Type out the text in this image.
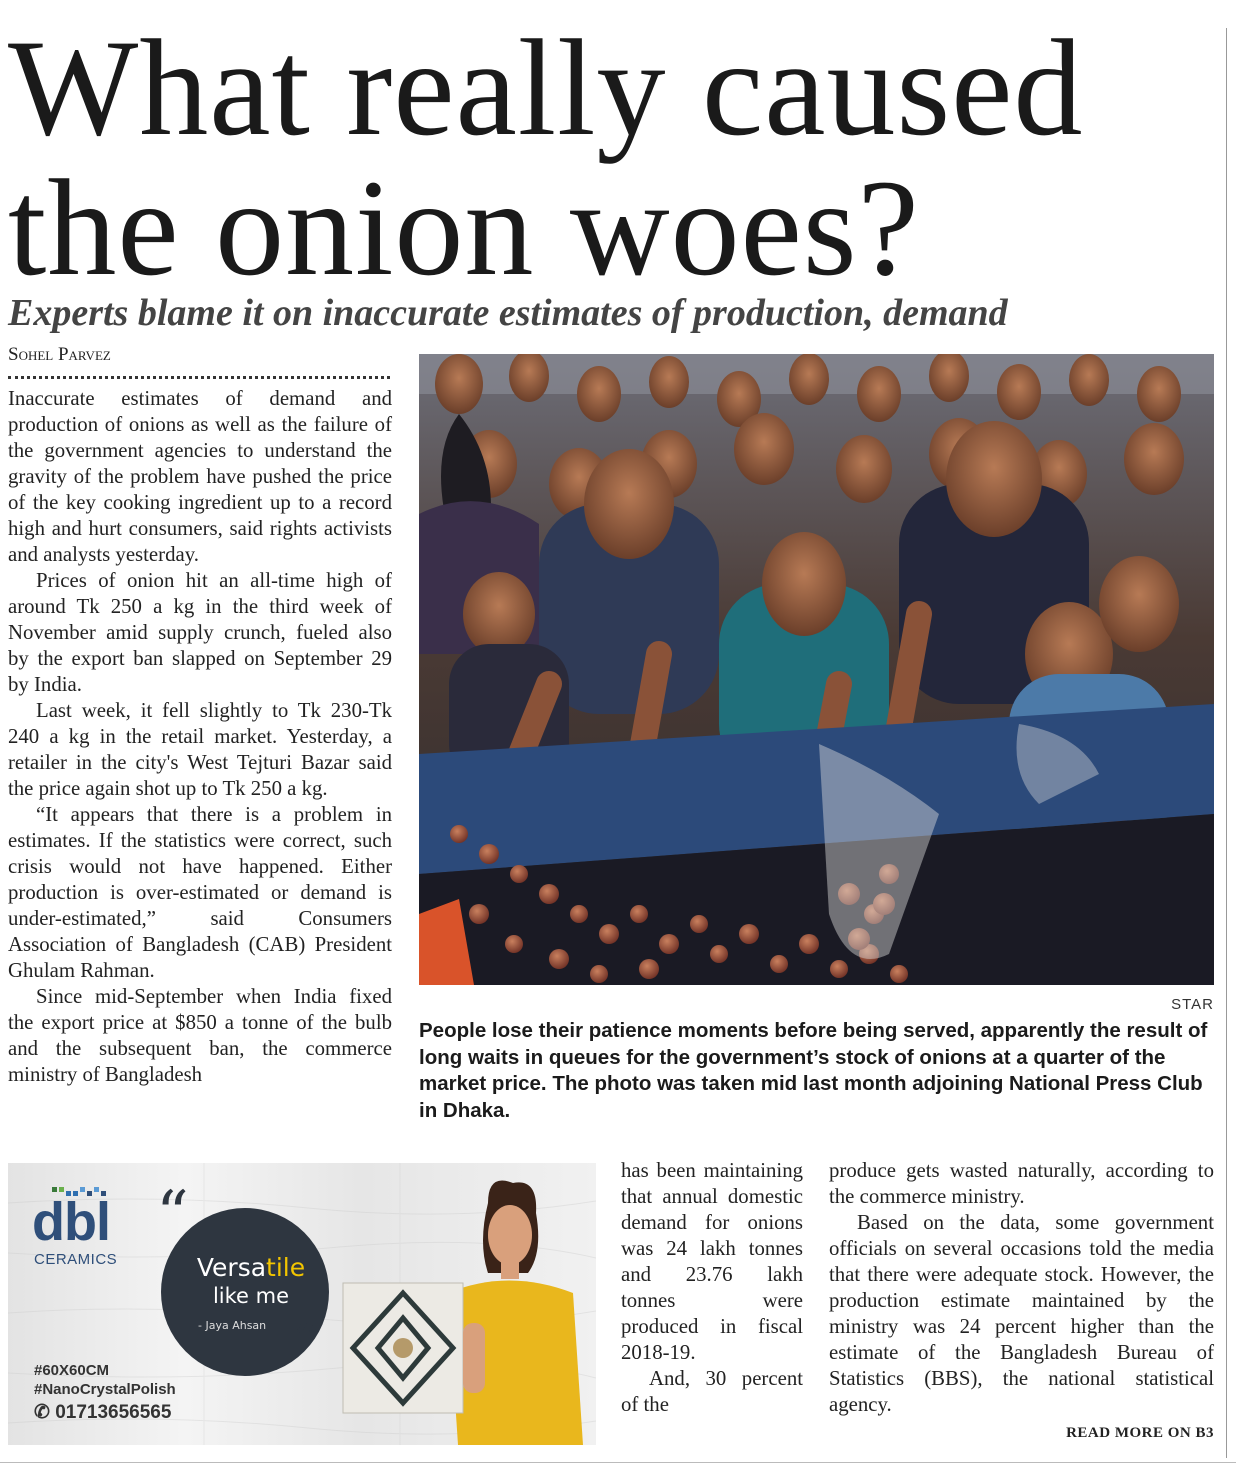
What really caused
the onion woes?
Experts blame it on inaccurate estimates of production, demand
Sohel Parvez

Inaccurate estimates of demand and production of onions as well as the failure of the government agencies to understand the gravity of the problem have pushed the price of the key cooking ingredient up to a record high and hurt consumers, said rights activists and analysts yesterday.

Prices of onion hit an all-time high of around Tk 250 a kg in the third week of November amid supply crunch, fueled also by the export ban slapped on September 29 by India.

Last week, it fell slightly to Tk 230-Tk 240 a kg in the retail market. Yesterday, a retailer in the city's West Tejturi Bazar said the price again shot up to Tk 250 a kg.

“It appears that there is a problem in estimates. If the statistics were correct, such crisis would not have happened. Either production is over-estimated or demand is under-estimated,” said Consumers Association of Bangladesh (CAB) President Ghulam Rahman.

Since mid-September when India fixed the export price at $850 a tonne of the bulb and the subsequent ban, the commerce ministry of Bangladesh

STAR
People lose their patience moments before being served, apparently the result of long waits in queues for the government’s stock of onions at a quarter of the market price. The photo was taken mid last month adjoining National Press Club in Dhaka.
dbl
CERAMICS
“
Versatile
like me
- Jaya Ahsan ”
#60X60CM
#NanoCrystalPolish
✆ 01713656565

has been maintaining that annual domestic demand for onions was 24 lakh tonnes and 23.76 lakh tonnes were produced in fiscal 2018-19.

And, 30 percent of the

produce gets wasted naturally, according to the commerce ministry.

Based on the data, some government officials on several occasions told the media that there were adequate stock. However, the production estimate maintained by the ministry was 24 percent higher than the estimate of the Bangladesh Bureau of Statistics (BBS), the national statistical agency.

READ MORE ON B3
